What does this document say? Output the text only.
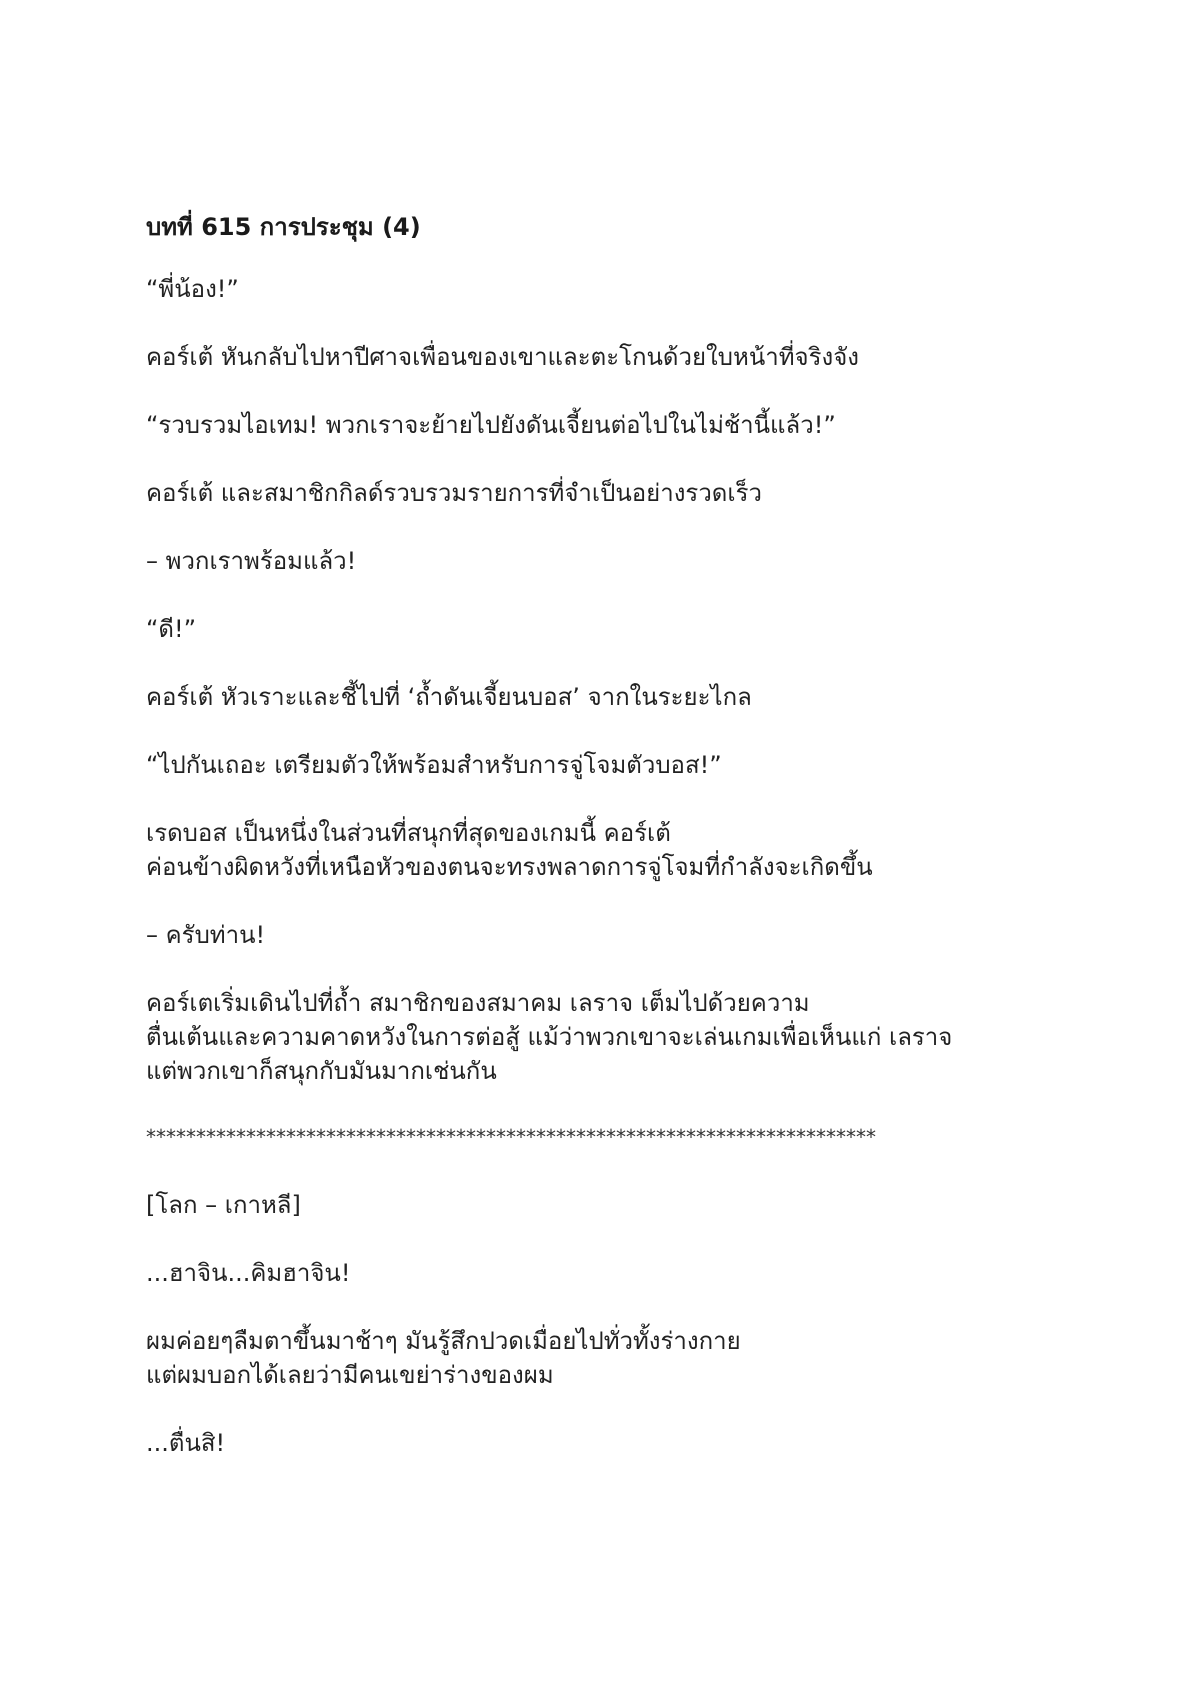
บทที่ 615 การประชุม (4)
“พี่น้อง!”
คอร์เต้ หันกลับไปหาปีศาจเพื่อนของเขาและตะโกนด้วยใบหน้าที่จริงจัง
“รวบรวมไอเทม! พวกเราจะย้ายไปยังดันเจี้ยนต่อไปในไม่ช้านี้แล้ว!”
คอร์เต้ และสมาชิกกิลด์รวบรวมรายการที่จำเป็นอย่างรวดเร็ว
– พวกเราพร้อมแล้ว!
“ดี!”
คอร์เต้ หัวเราะและชี้ไปที่ ‘ถ้ำดันเจี้ยนบอส’ จากในระยะไกล
“ไปกันเถอะ เตรียมตัวให้พร้อมสำหรับการจู่โจมตัวบอส!”
เรดบอส เป็นหนึ่งในส่วนที่สนุกที่สุดของเกมนี้ คอร์เต้
ค่อนข้างผิดหวังที่เหนือหัวของตนจะทรงพลาดการจู่โจมที่กำลังจะเกิดขึ้น
– ครับท่าน!
คอร์เตเริ่มเดินไปที่ถ้ำ สมาชิกของสมาคม เลราจ เต็มไปด้วยความ
ตื่นเต้นและความคาดหวังในการต่อสู้ แม้ว่าพวกเขาจะเล่นเกมเพื่อเห็นแก่ เลราจ
แต่พวกเขาก็สนุกกับมันมากเช่นกัน
*************************************************************************
[โลก – เกาหลี]
...ฮาจิน...คิมฮาจิน!
ผมค่อยๆลืมตาขึ้นมาช้าๆ มันรู้สึกปวดเมื่อยไปทั่วทั้งร่างกาย
แต่ผมบอกได้เลยว่ามีคนเขย่าร่างของผม
...ตื่นสิ!
